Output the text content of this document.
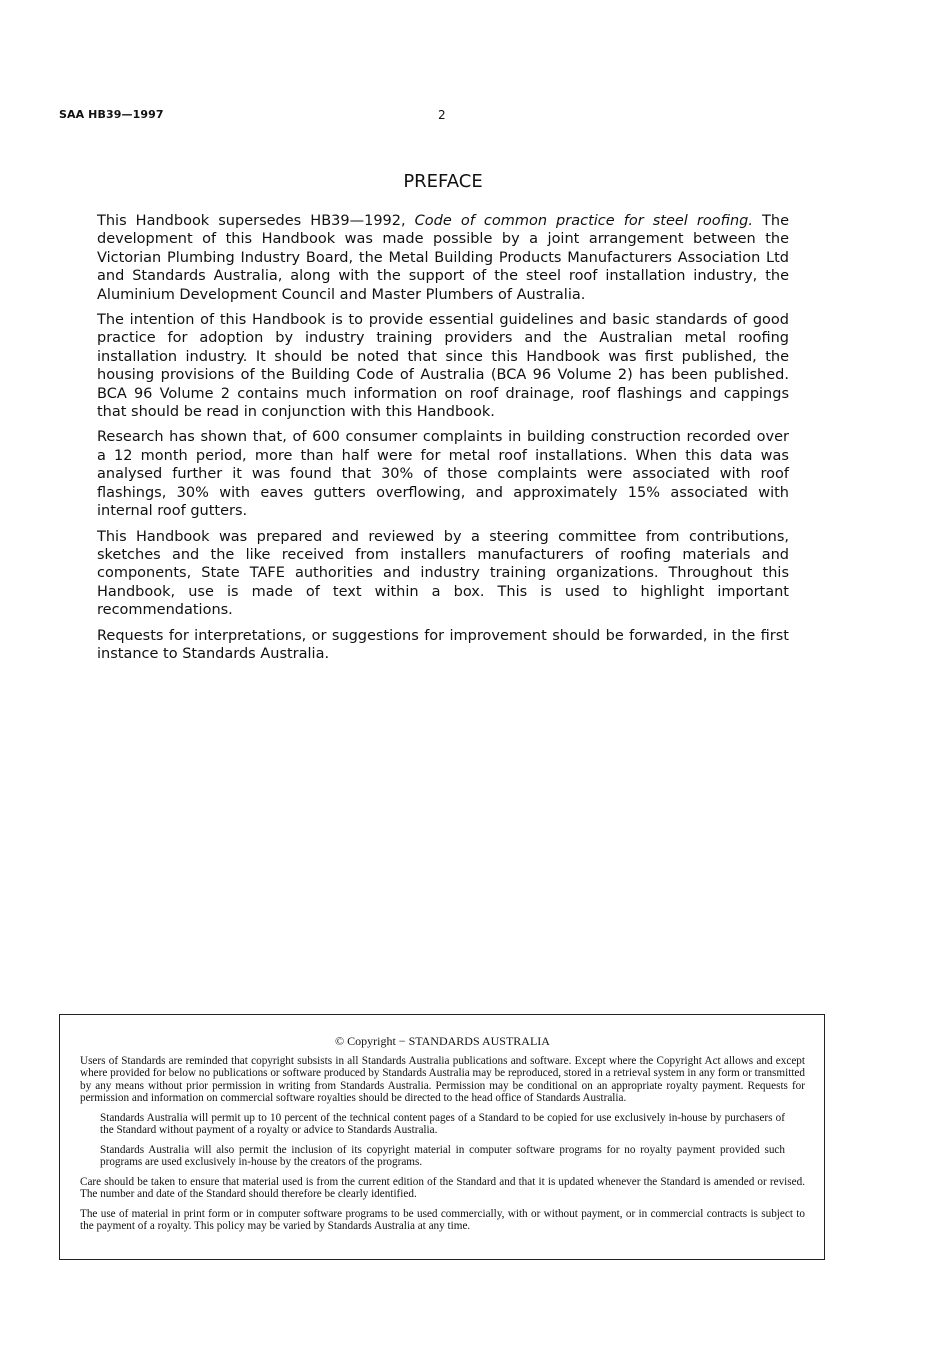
SAA HB39—1997	2
PREFACE

This Handbook supersedes HB39—1992, Code of common practice for steel roofing. The development of this Handbook was made possible by a joint arrangement between the Victorian Plumbing Industry Board, the Metal Building Products Manufacturers Association Ltd and Standards Australia, along with the support of the steel roof installation industry, the Aluminium Development Council and Master Plumbers of Australia.

The intention of this Handbook is to provide essential guidelines and basic standards of good practice for adoption by industry training providers and the Australian metal roofing installation industry. It should be noted that since this Handbook was first published, the housing provisions of the Building Code of Australia (BCA 96 Volume 2) has been published. BCA 96 Volume 2 contains much information on roof drainage, roof flashings and cappings that should be read in conjunction with this Handbook.

Research has shown that, of 600 consumer complaints in building construction recorded over a 12 month period, more than half were for metal roof installations. When this data was analysed further it was found that 30% of those complaints were associated with roof flashings, 30% with eaves gutters overflowing, and approximately 15% associated with internal roof gutters.

This Handbook was prepared and reviewed by a steering committee from contributions, sketches and the like received from installers manufacturers of roofing materials and components, State TAFE authorities and industry training organizations. Throughout this Handbook, use is made of text within a box. This is used to highlight important recommendations.

Requests for interpretations, or suggestions for improvement should be forwarded, in the first instance to Standards Australia.

© Copyright − STANDARDS AUSTRALIA

Users of Standards are reminded that copyright subsists in all Standards Australia publications and software. Except where the Copyright Act allows and except where provided for below no publications or software produced by Standards Australia may be reproduced, stored in a retrieval system in any form or transmitted by any means without prior permission in writing from Standards Australia. Permission may be conditional on an appropriate royalty payment. Requests for permission and information on commercial software royalties should be directed to the head office of Standards Australia.

Standards Australia will permit up to 10 percent of the technical content pages of a Standard to be copied for use exclusively in-house by purchasers of the Standard without payment of a royalty or advice to Standards Australia.

Standards Australia will also permit the inclusion of its copyright material in computer software programs for no royalty payment provided such programs are used exclusively in-house by the creators of the programs.

Care should be taken to ensure that material used is from the current edition of the Standard and that it is updated whenever the Standard is amended or revised. The number and date of the Standard should therefore be clearly identified.

The use of material in print form or in computer software programs to be used commercially, with or without payment, or in commercial contracts is subject to the payment of a royalty. This policy may be varied by Standards Australia at any time.
